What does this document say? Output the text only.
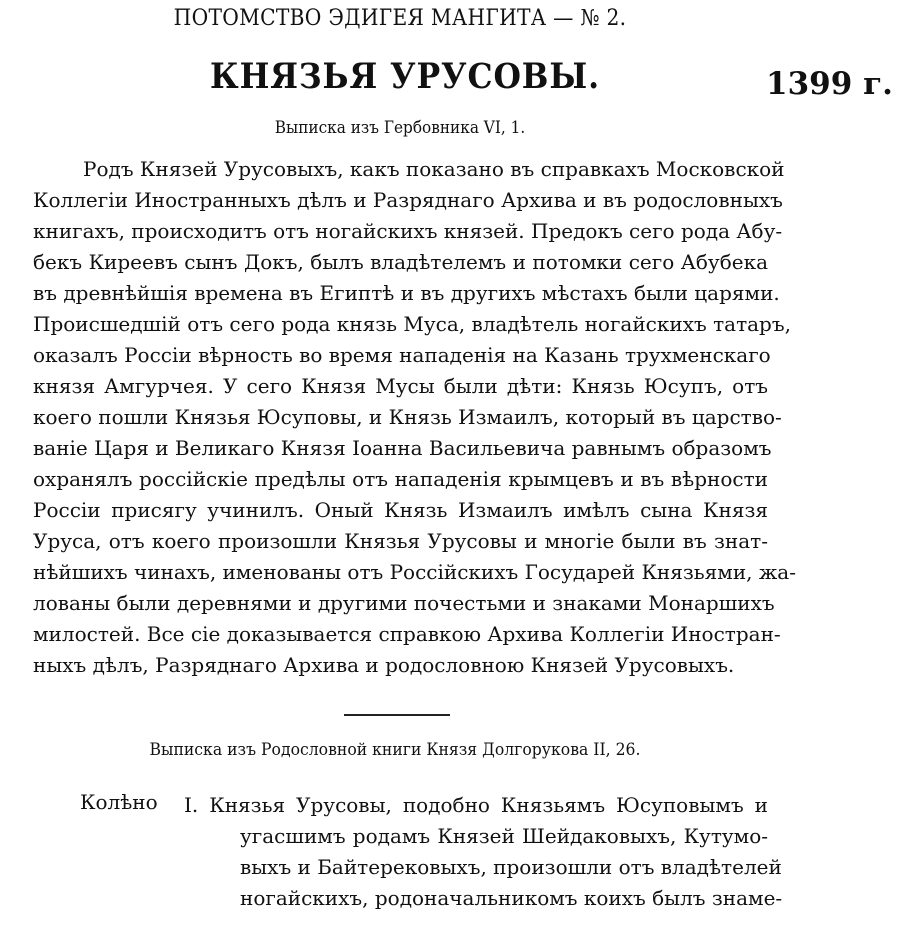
ПОТОМСТВО ЭДИГЕЯ МАНГИТА — № 2.
КНЯЗЬЯ УРУСОВЫ.	1399 г.
Выписка изъ Гербовника VI, 1.
Родъ Князей Урусовыхъ, какъ показано въ справкахъ Московской
Коллегіи Иностранныхъ дѣлъ и Разряднаго Архива и въ родословныхъ
книгахъ, происходитъ отъ ногайскихъ князей. Предокъ сего рода Абу-
бекъ Киреевъ сынъ Докъ, былъ владѣтелемъ и потомки сего Абубека
въ древнѣйшія времена въ Египтѣ и въ другихъ мѣстахъ были царями.
Происшедшій отъ сего рода князь Муса, владѣтель ногайскихъ татаръ,
оказалъ Россіи вѣрность во время нападенія на Казань трухменскаго
князя Амгурчея. У сего Князя Мусы были дѣти: Князь Юсупъ, отъ
коего пошли Князья Юсуповы, и Князь Измаилъ, который въ царство-
ваніе Царя и Великаго Князя Іоанна Васильевича равнымъ образомъ
охранялъ россійскіе предѣлы отъ нападенія крымцевъ и въ вѣрности
Россіи присягу учинилъ. Оный Князь Измаилъ имѣлъ сына Князя
Уруса, отъ коего произошли Князья Урусовы и многіе были въ знат-
нѣйшихъ чинахъ, именованы отъ Россійскихъ Государей Князьями, жа-
лованы были деревнями и другими почестьми и знаками Монаршихъ
милостей. Все сіе доказывается справкою Архива Коллегіи Иностран-
ныхъ дѣлъ, Разряднаго Архива и родословною Князей Урусовыхъ.
Выписка изъ Родословной книги Князя Долгорукова II, 26.
Колѣно I. Князья Урусовы, подобно Князьямъ Юсуповымъ и
угасшимъ родамъ Князей Шейдаковыхъ, Кутумо-
выхъ и Байтерековыхъ, произошли отъ владѣтелей
ногайскихъ, родоначальникомъ коихъ былъ знаме-
